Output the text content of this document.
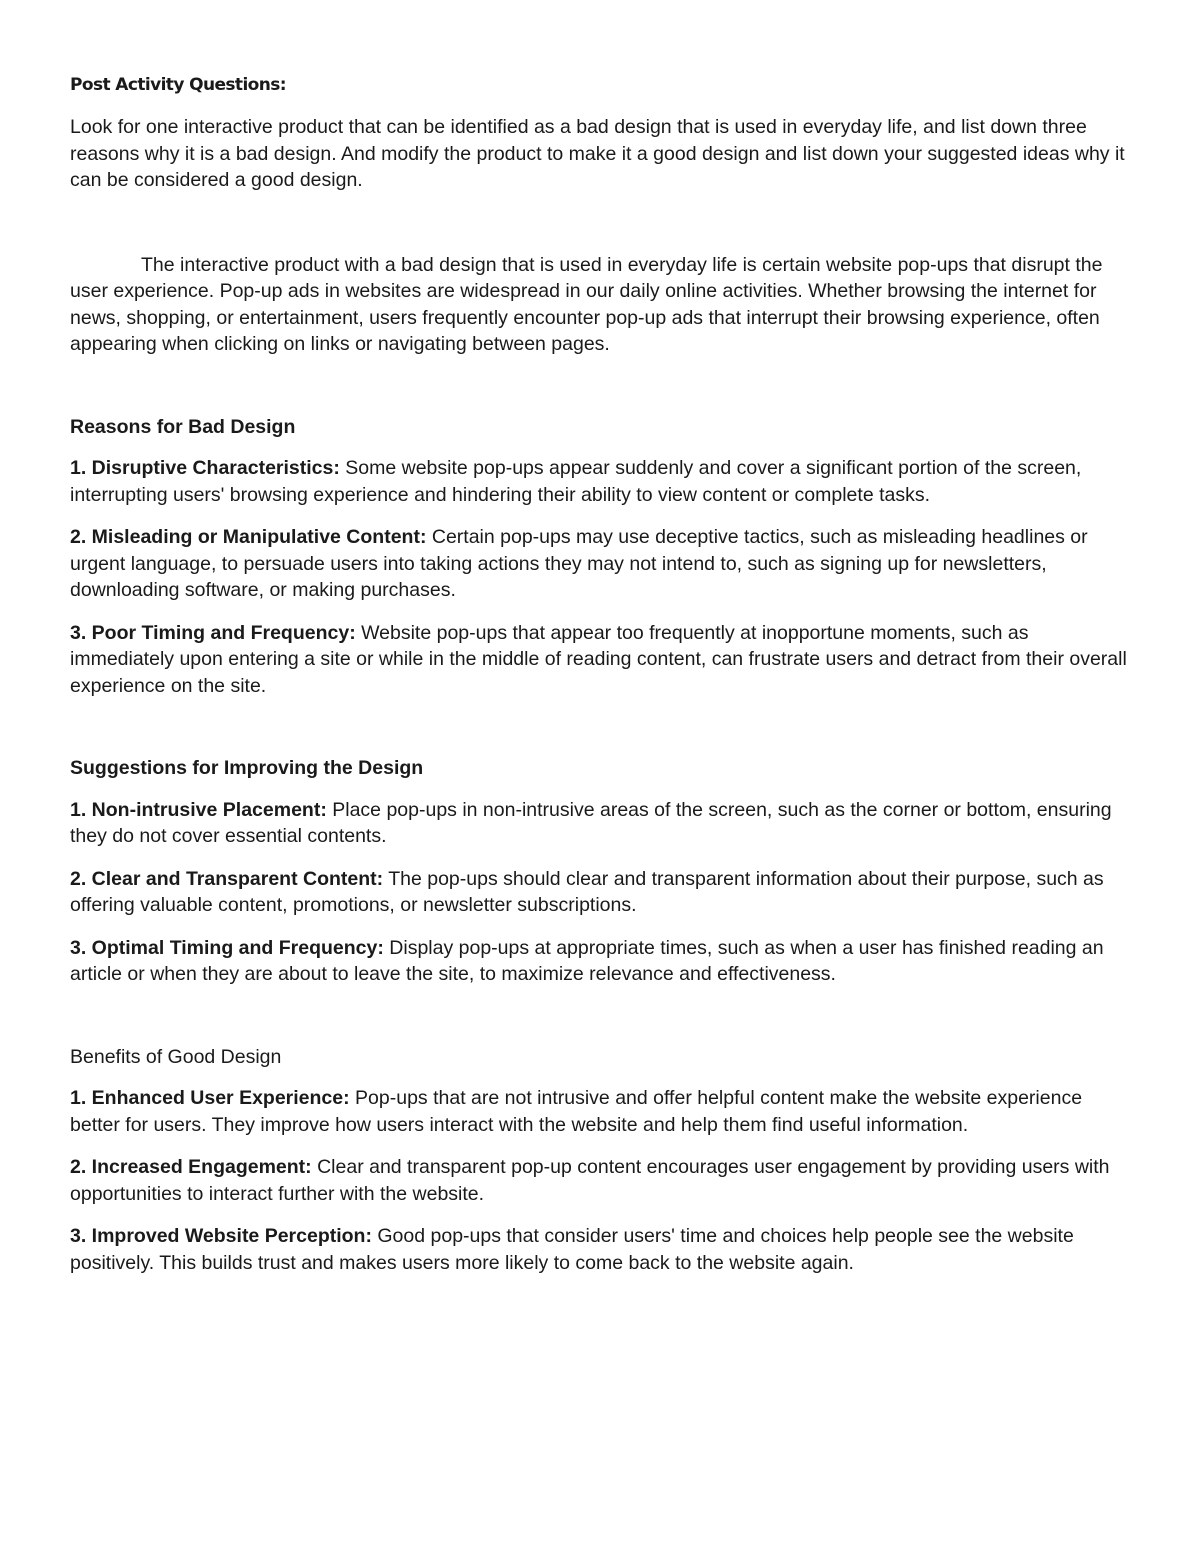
Post Activity Questions:

Look for one interactive product that can be identified as a bad design that is used in everyday life, and list down three reasons why it is a bad design. And modify the product to make it a good design and list down your suggested ideas why it can be considered a good design.

The interactive product with a bad design that is used in everyday life is certain website pop-ups that disrupt the user experience. Pop-up ads in websites are widespread in our daily online activities. Whether browsing the internet for news, shopping, or entertainment, users frequently encounter pop-up ads that interrupt their browsing experience, often appearing when clicking on links or navigating between pages.

Reasons for Bad Design

1. Disruptive Characteristics: Some website pop-ups appear suddenly and cover a significant portion of the screen, interrupting users' browsing experience and hindering their ability to view content or complete tasks.

2. Misleading or Manipulative Content: Certain pop-ups may use deceptive tactics, such as misleading headlines or urgent language, to persuade users into taking actions they may not intend to, such as signing up for newsletters, downloading software, or making purchases.

3. Poor Timing and Frequency: Website pop-ups that appear too frequently at inopportune moments, such as immediately upon entering a site or while in the middle of reading content, can frustrate users and detract from their overall experience on the site.

Suggestions for Improving the Design

1. Non-intrusive Placement: Place pop-ups in non-intrusive areas of the screen, such as the corner or bottom, ensuring they do not cover essential contents.

2. Clear and Transparent Content: The pop-ups should clear and transparent information about their purpose, such as offering valuable content, promotions, or newsletter subscriptions.

3. Optimal Timing and Frequency: Display pop-ups at appropriate times, such as when a user has finished reading an article or when they are about to leave the site, to maximize relevance and effectiveness.

Benefits of Good Design

1. Enhanced User Experience: Pop-ups that are not intrusive and offer helpful content make the website experience better for users. They improve how users interact with the website and help them find useful information.

2. Increased Engagement: Clear and transparent pop-up content encourages user engagement by providing users with opportunities to interact further with the website.

3. Improved Website Perception: Good pop-ups that consider users' time and choices help people see the website positively. This builds trust and makes users more likely to come back to the website again.
